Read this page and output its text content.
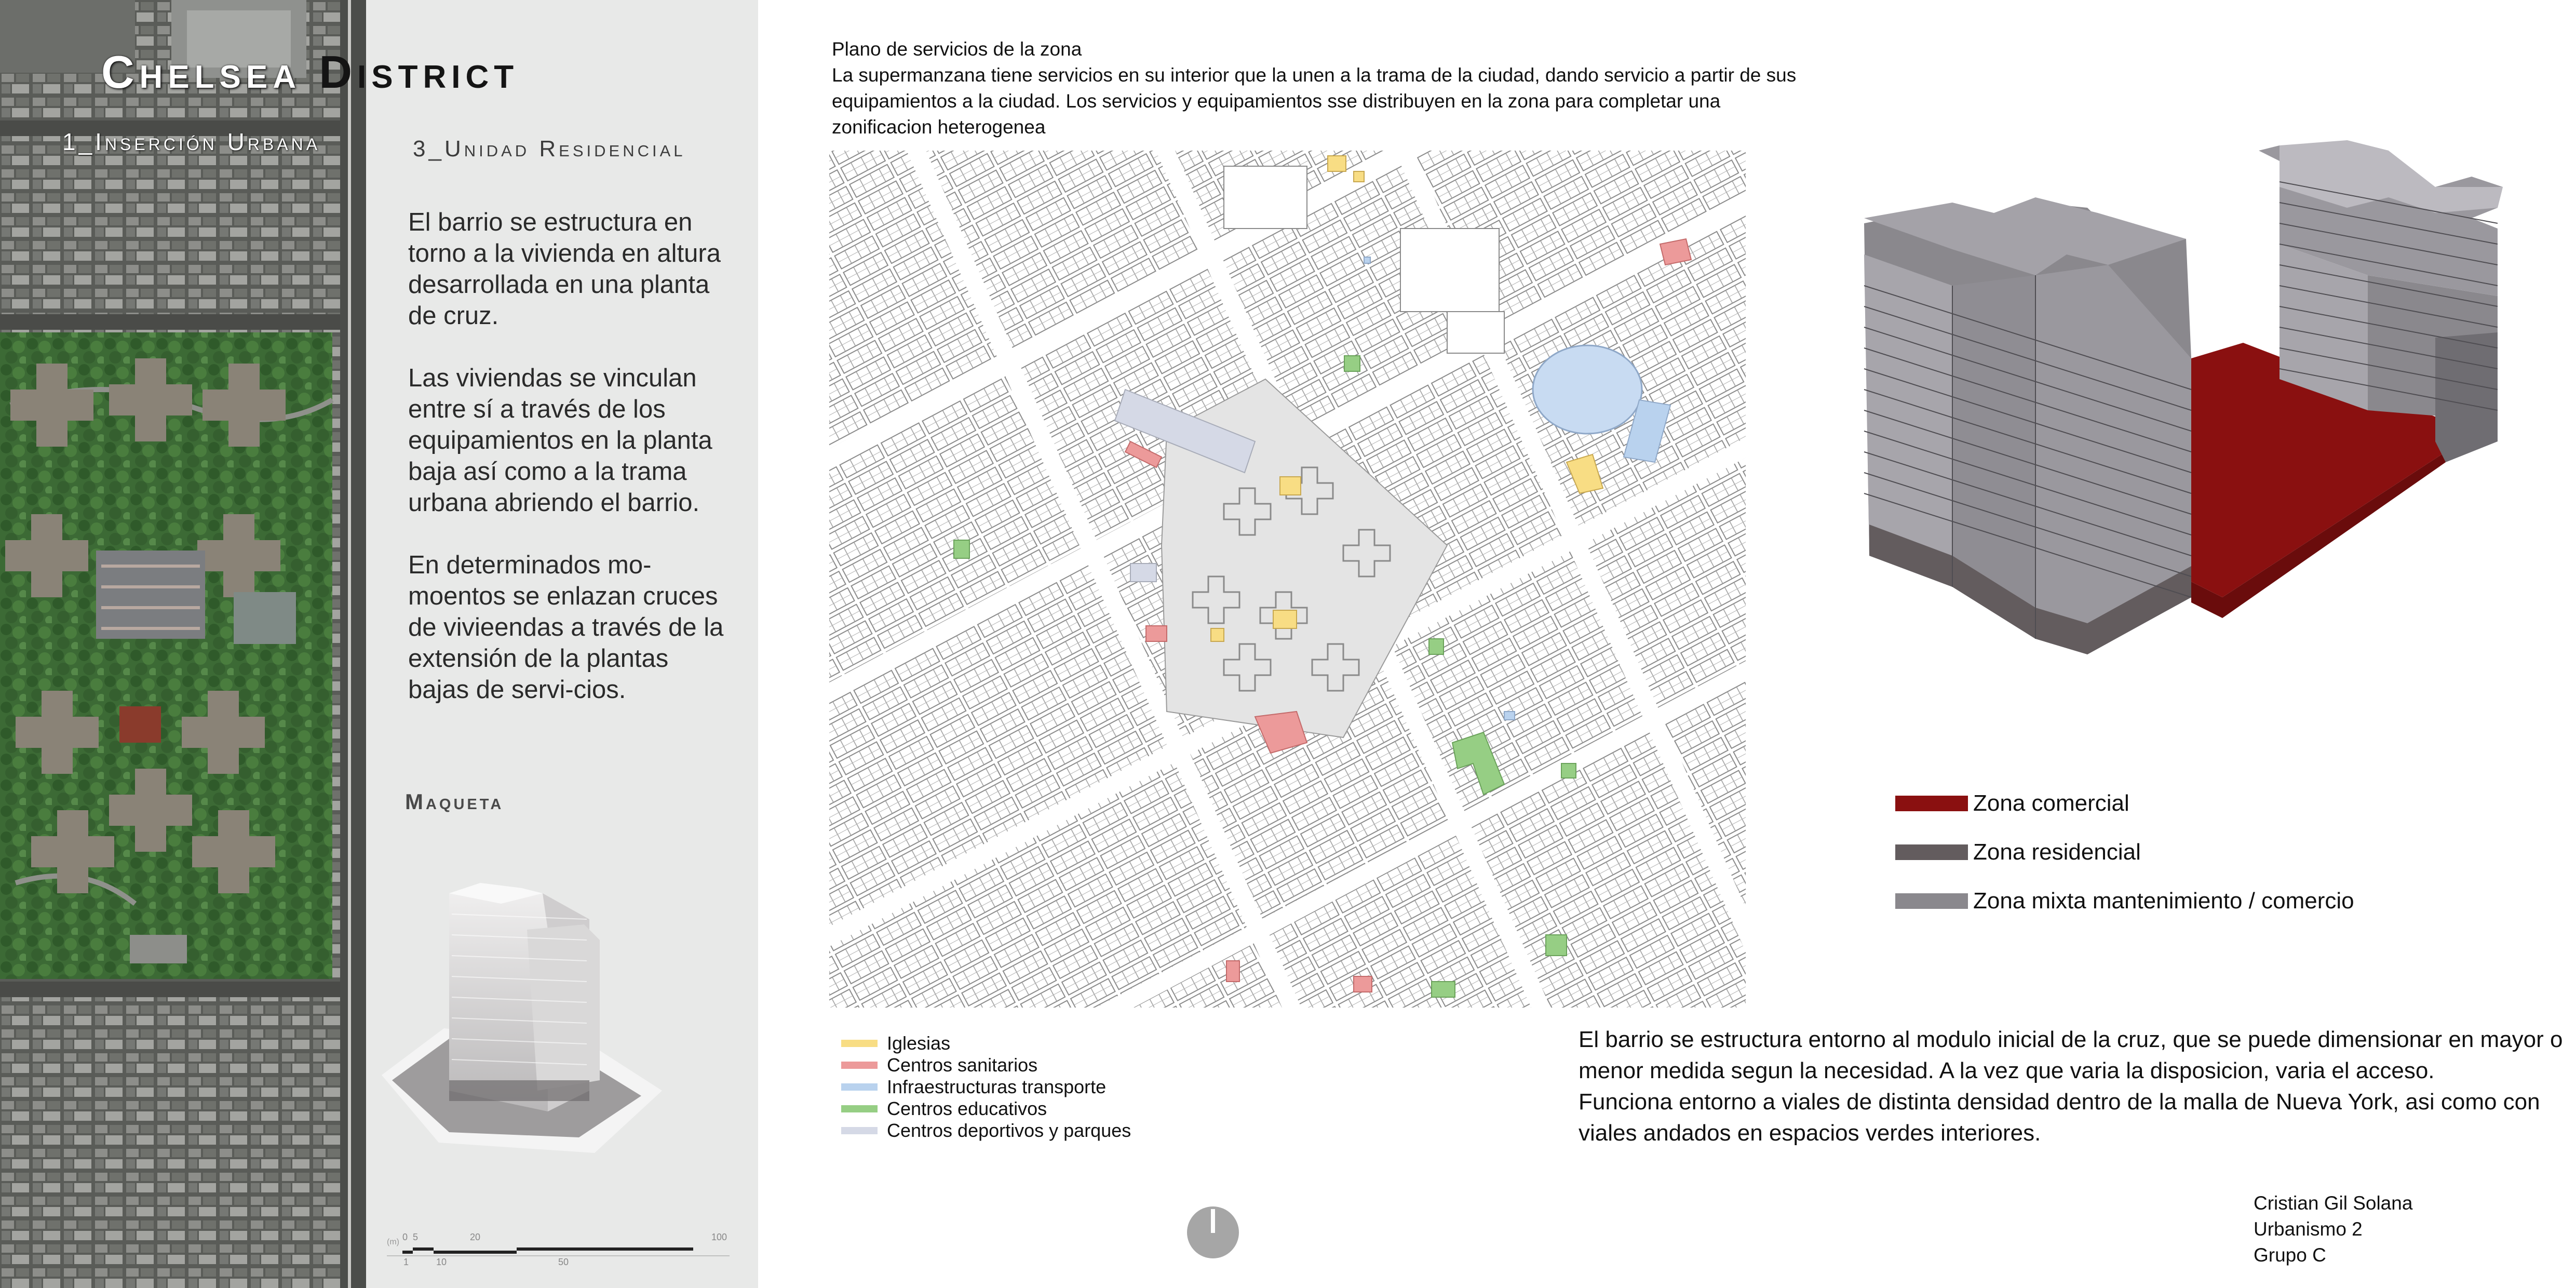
Chelsea District
1_Inserción Urbana	3_Unidad Residencial

El barrio se estructura en torno a la vivienda en altura desarrollada en una planta de cruz.

Las viviendas se vinculan entre sí a través de los equipamientos en la planta baja así como a la trama urbana abriendo el barrio.

En determinados mo-moentos se enlazan cruces de vivieendas a través de la extensión de la plantas bajas de servi-cios.

Maqueta
(m) 0 5	20	100
1	10	50
Plano de servicios de la zona
La supermanzana tiene servicios en su interior que la unen a la trama de la ciudad, dando servicio a partir de sus equipamientos a la ciudad. Los servicios y equipamientos sse distribuyen en la zona para completar una zonificacion heterogenea
Iglesias
Centros sanitarios
Infraestructuras transporte
Centros educativos
Centros deportivos y parques
Zona comercial
Zona residencial
Zona mixta mantenimiento / comercio

El barrio se estructura entorno al modulo inicial de la cruz, que se puede dimensionar en mayor o menor medida segun la necesidad. A la vez que varia la disposicion, varia el acceso.

Funciona entorno a viales de distinta densidad dentro de la malla de Nueva York, asi como con viales andados en espacios verdes interiores.

Cristian Gil Solana
Urbanismo 2
Grupo C
